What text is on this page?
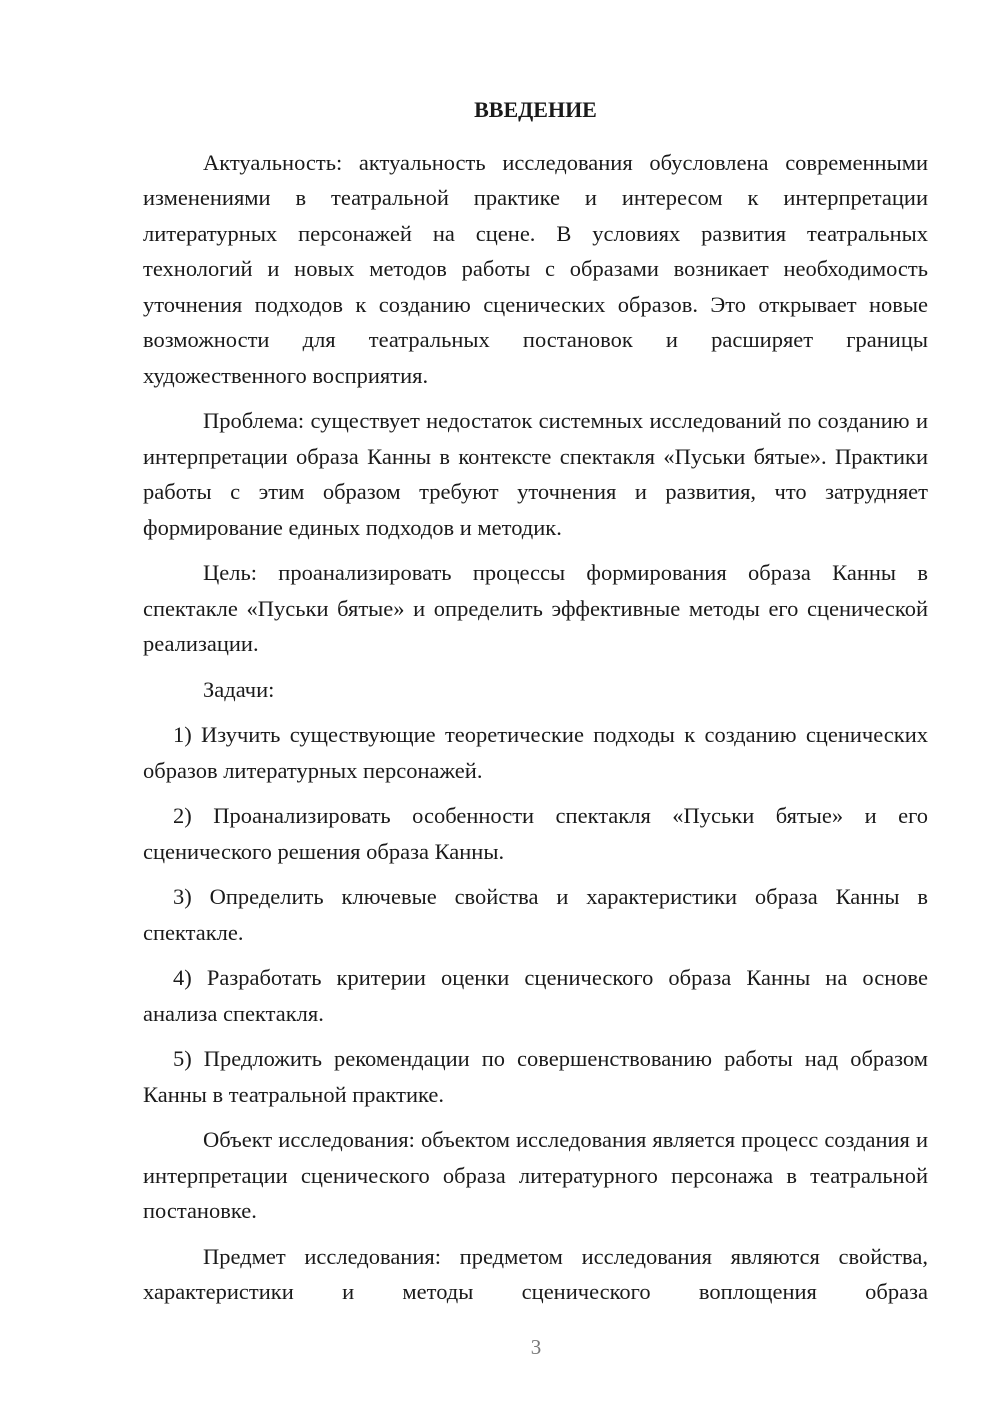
ВВЕДЕНИЕ

Актуальность: актуальность исследования обусловлена современными изменениями в театральной практике и интересом к интерпретации литературных персонажей на сцене. В условиях развития театральных технологий и новых методов работы с образами возникает необходимость уточнения подходов к созданию сценических образов. Это открывает новые возможности для театральных постановок и расширяет границы художественного восприятия.

Проблема: существует недостаток системных исследований по созданию и интерпретации образа Канны в контексте спектакля «Пуськи бятые». Практики работы с этим образом требуют уточнения и развития, что затрудняет формирование единых подходов и методик.

Цель: проанализировать процессы формирования образа Канны в спектакле «Пуськи бятые» и определить эффективные методы его сценической реализации.

Задачи:

1) Изучить существующие теоретические подходы к созданию сценических образов литературных персонажей.

2) Проанализировать особенности спектакля «Пуськи бятые» и его сценического решения образа Канны.

3) Определить ключевые свойства и характеристики образа Канны в спектакле.

4) Разработать критерии оценки сценического образа Канны на основе анализа спектакля.

5) Предложить рекомендации по совершенствованию работы над образом Канны в театральной практике.

Объект исследования: объектом исследования является процесс создания и интерпретации сценического образа литературного персонажа в театральной постановке.

Предмет исследования: предметом исследования являются свойства, характеристики и методы сценического воплощения образа

3
